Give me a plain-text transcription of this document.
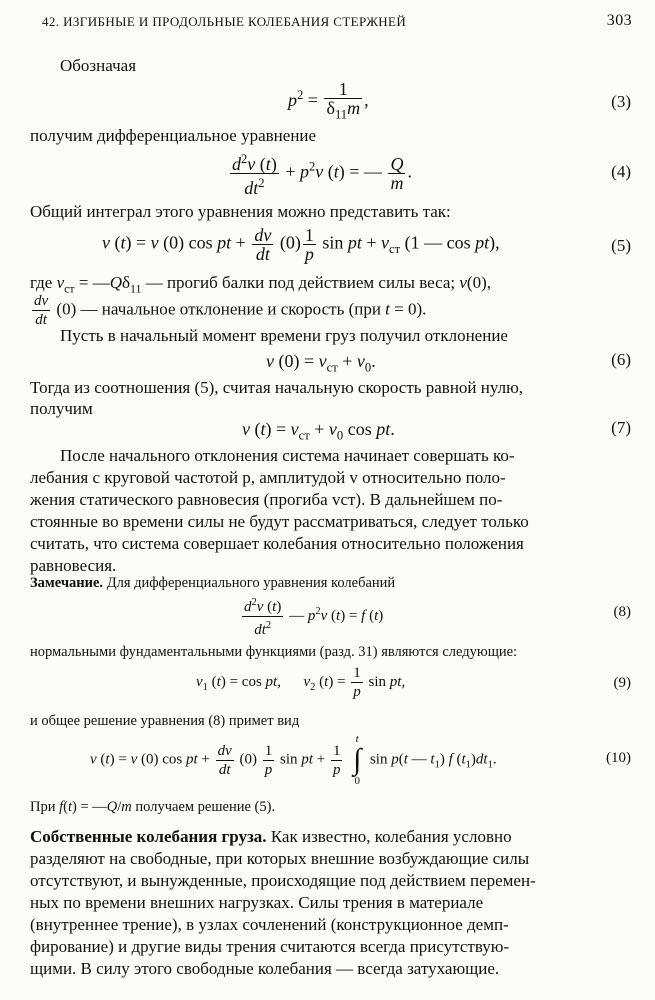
42. ИЗГИБНЫЕ И ПРОДОЛЬНЫЕ КОЛЕБАНИЯ СТЕРЖНЕЙ	303
Обозначая
$p^2 = \frac{1}{\delta_{11}m}$ ,	(3)
получим дифференциальное уравнение
$\frac{d^2v (t)}{dt^2} + p^2v$ (t) = — $\frac{Q}{m}$ .	(4)
Общий интеграл этого уравнения можно представить так:
v (t) = v (0) cos pt + $\frac{dv}{dt} (0) \frac{1}{p}$ sin pt + $v_{ст}$ (1 — cos pt),	(5)
где $v_{ст}$ = $—Q\delta_{11}$ — прогиб балки под действием силы веса; v(0),
$\frac{dv}{dt} (0)$ — начальное отклонение и скорость (при t = 0).
Пусть в начальный момент времени груз получил отклонение
v $(0) = v_{ст} + v_0$.	(6)
Тогда из соотношения (5), считая начальную скорость равной нулю,
получим
v $(t) = v_{ст} + v_0$ cos pt.	(7)
После начального отклонения система начинает совершать ко-
лебания с круговой частотой p, амплитудой v относительно поло-
жения статического равновесия (прогиба vст). В дальнейшем по-
стоянные во времени силы не будут рассматриваться, следует только
считать, что система совершает колебания относительно положения
равновесия.
Замечание. Для дифференциального уравнения колебаний
$\frac{d^2v (t)}{dt^2}$ — $p^2v$ (t) = f (t)	(8)
нормальными фундаментальными функциями (разд. 31) являются следующие:
$v_1$ (t) = cos pt,      $v_2$ $(t) = \frac{1}{p}$ sin pt,	(9)
и общее решение уравнения (8) примет вид
v (t) = v (0) cos pt + $\frac{dv}{dt} (0) \frac{1}{p}$ sin pt + $\frac{1}{p}$

t
∫
0
sin p(t — $t_1$) f $(t_1)dt_1$.	(10)
При f(t) = —Q/m получаем решение (5).
Собственные колебания груза. Как известно, колебания условно
разделяют на свободные, при которых внешние возбуждающие силы
отсутствуют, и вынужденные, происходящие под действием перемен-
ных по времени внешних нагрузках. Силы трения в материале
(внутреннее трение), в узлах сочленений (конструкционное демп-
фирование) и другие виды трения считаются всегда присутствую-
щими. В силу этого свободные колебания — всегда затухающие.
